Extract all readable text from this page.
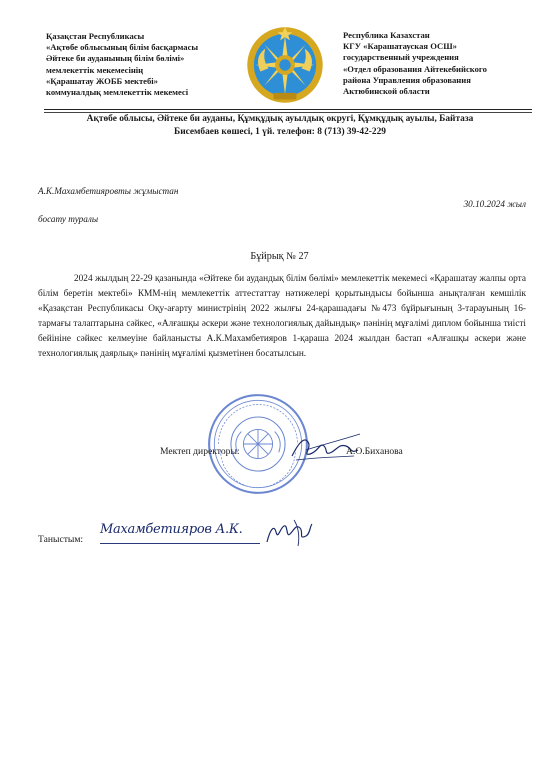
Қазақстан Республикасы
«Ақтөбе облысының білім басқармасы
Әйтеке би ауданының білім бөлімі»
мемлекеттік мекемесінің
«Қарашатау ЖОББ мектебі»
коммуналдық мемлекеттік мекемесі
Республика Казахстан
КГУ «Карашатауская ОСШ»
государственный учреждения
«Отдел образования Айтекебийского
района Управления образования
Актюбинской области
Ақтөбе облысы, Әйтеке би ауданы, Құмқұдық ауылдық округі, Құмқұдық ауылы, Байтаза
Бисембаев көшесі, 1 үй. телефон: 8 (713) 39-42-229
А.К.Махамбетияровты жұмыстан
босату туралы
30.10.2024 жыл
Бұйрық № 27

2024 жылдың 22-29 қазанында «Әйтеке би аудандық білім бөлімі» мемлекеттік мекемесі «Қарашатау жалпы орта білім беретін мектебі» КММ-нің мемлекеттік аттестаттау нәтижелері қорытындысы бойынша анықталған кемшілік «Қазақстан Республикасы Оқу-ағарту министрінің 2022 жылғы 24-қарашадағы №473 бұйрығының 3-тарауының 16-тармағы талаптарына сәйкес, «Алғашқы әскери және технологиялық дайындық» пәнінің мұғалімі диплом бойынша тиісті бейініне сәйкес келмеуіне байланысты А.К.Махамбетияров 1-қараша 2024 жылдан бастап «Алғашқы әскери және технологиялық даярлық» пәнінің мұғалімі қызметінен босатылсын.

Мектеп директоры:	А.О.Биханова
Таныстым:
Махамбетияров А.К.
